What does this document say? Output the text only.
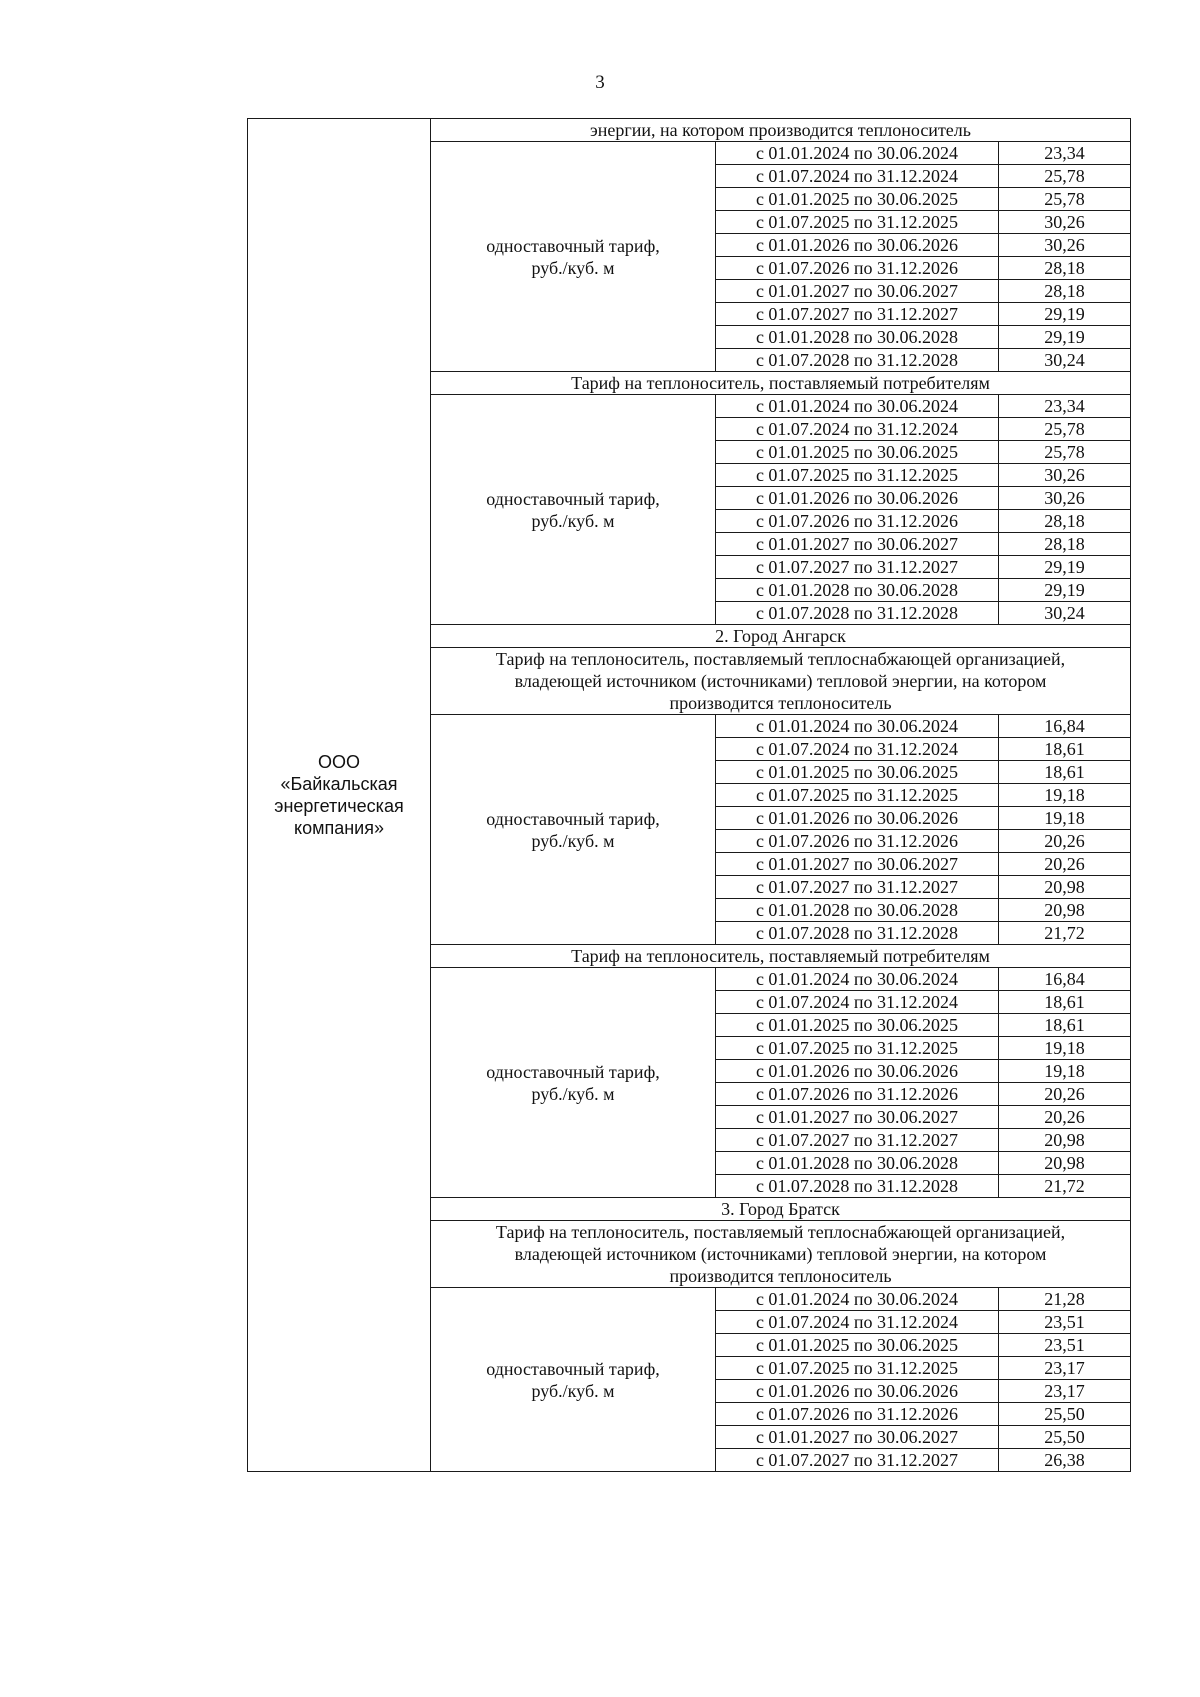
3
ООО
«Байкальская
энергетическая
компания»	энергии, на котором производится теплоноситель		
	одноставочный тариф,
руб./куб. м	с 01.01.2024 по 30.06.2024	23,34
		с 01.07.2024 по 31.12.2024	25,78
		с 01.01.2025 по 30.06.2025	25,78
		с 01.07.2025 по 31.12.2025	30,26
		с 01.01.2026 по 30.06.2026	30,26
		с 01.07.2026 по 31.12.2026	28,18
		с 01.01.2027 по 30.06.2027	28,18
		с 01.07.2027 по 31.12.2027	29,19
		с 01.01.2028 по 30.06.2028	29,19
		с 01.07.2028 по 31.12.2028	30,24
	Тариф на теплоноситель, поставляемый потребителям		
	одноставочный тариф,
руб./куб. м	с 01.01.2024 по 30.06.2024	23,34
		с 01.07.2024 по 31.12.2024	25,78
		с 01.01.2025 по 30.06.2025	25,78
		с 01.07.2025 по 31.12.2025	30,26
		с 01.01.2026 по 30.06.2026	30,26
		с 01.07.2026 по 31.12.2026	28,18
		с 01.01.2027 по 30.06.2027	28,18
		с 01.07.2027 по 31.12.2027	29,19
		с 01.01.2028 по 30.06.2028	29,19
		с 01.07.2028 по 31.12.2028	30,24
	2. Город Ангарск		
	Тариф на теплоноситель, поставляемый теплоснабжающей организацией,
владеющей источником (источниками) тепловой энергии, на котором
производится теплоноситель		
	одноставочный тариф,
руб./куб. м	с 01.01.2024 по 30.06.2024	16,84
		с 01.07.2024 по 31.12.2024	18,61
		с 01.01.2025 по 30.06.2025	18,61
		с 01.07.2025 по 31.12.2025	19,18
		с 01.01.2026 по 30.06.2026	19,18
		с 01.07.2026 по 31.12.2026	20,26
		с 01.01.2027 по 30.06.2027	20,26
		с 01.07.2027 по 31.12.2027	20,98
		с 01.01.2028 по 30.06.2028	20,98
		с 01.07.2028 по 31.12.2028	21,72
	Тариф на теплоноситель, поставляемый потребителям		
	одноставочный тариф,
руб./куб. м	с 01.01.2024 по 30.06.2024	16,84
		с 01.07.2024 по 31.12.2024	18,61
		с 01.01.2025 по 30.06.2025	18,61
		с 01.07.2025 по 31.12.2025	19,18
		с 01.01.2026 по 30.06.2026	19,18
		с 01.07.2026 по 31.12.2026	20,26
		с 01.01.2027 по 30.06.2027	20,26
		с 01.07.2027 по 31.12.2027	20,98
		с 01.01.2028 по 30.06.2028	20,98
		с 01.07.2028 по 31.12.2028	21,72
	3. Город Братск		
	Тариф на теплоноситель, поставляемый теплоснабжающей организацией,
владеющей источником (источниками) тепловой энергии, на котором
производится теплоноситель		
	одноставочный тариф,
руб./куб. м	с 01.01.2024 по 30.06.2024	21,28
		с 01.07.2024 по 31.12.2024	23,51
		с 01.01.2025 по 30.06.2025	23,51
		с 01.07.2025 по 31.12.2025	23,17
		с 01.01.2026 по 30.06.2026	23,17
		с 01.07.2026 по 31.12.2026	25,50
		с 01.01.2027 по 30.06.2027	25,50
		с 01.07.2027 по 31.12.2027	26,38
